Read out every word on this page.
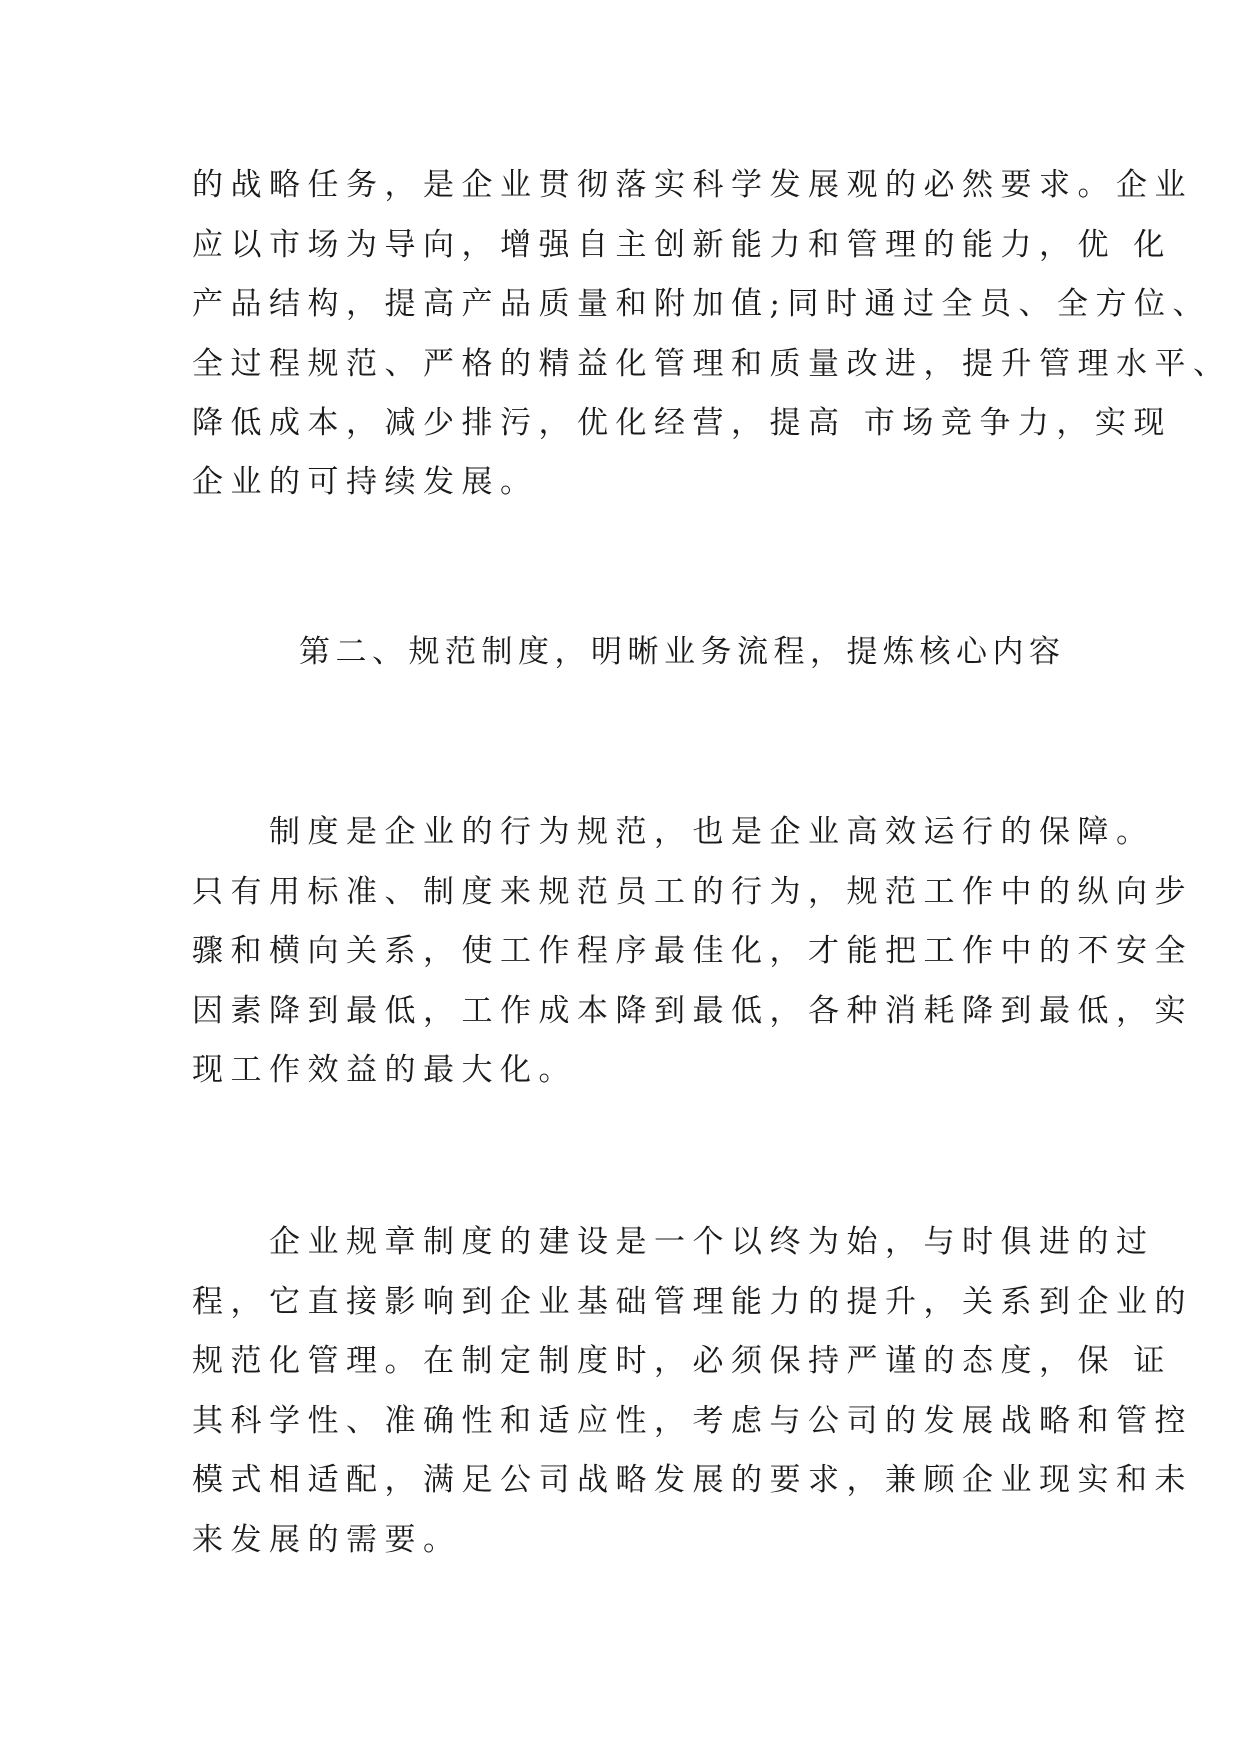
的战略任务，是企业贯彻落实科学发展观的必然要求。企业
应以市场为导向，增强自主创新能力和管理的能力，优 化
产品结构，提高产品质量和附加值;同时通过全员、全方位、
全过程规范、严格的精益化管理和质量改进，提升管理水平、
降低成本，减少排污，优化经营，提高 市场竞争力，实现
企业的可持续发展。
第二、规范制度，明晰业务流程，提炼核心内容
　　制度是企业的行为规范，也是企业高效运行的保障。
只有用标准、制度来规范员工的行为，规范工作中的纵向步
骤和横向关系，使工作程序最佳化，才能把工作中的不安全
因素降到最低，工作成本降到最低，各种消耗降到最低，实
现工作效益的最大化。
　　企业规章制度的建设是一个以终为始，与时俱进的过
程，它直接影响到企业基础管理能力的提升，关系到企业的
规范化管理。在制定制度时，必须保持严谨的态度，保 证
其科学性、准确性和适应性，考虑与公司的发展战略和管控
模式相适配，满足公司战略发展的要求，兼顾企业现实和未
来发展的需要。
